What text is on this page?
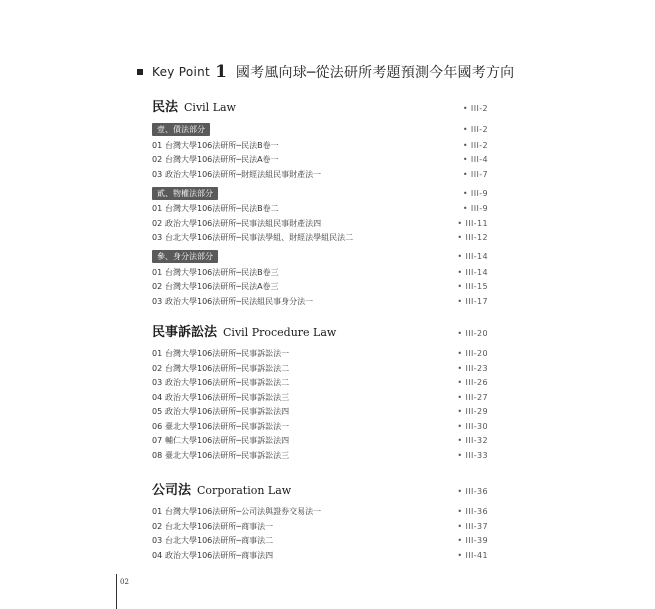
Key Point 1 國考風向球─從法研所考題預測今年國考方向
民法 Civil Law	• III-2
壹、債法部分	• III-2
01 台灣大學106法研所─民法B卷一	• III-2
02 台灣大學106法研所─民法A卷一	• III-4
03 政治大學106法研所─財經法組民事財產法一	• III-7
貳、物權法部分	• III-9
01 台灣大學106法研所─民法B卷二	• III-9
02 政治大學106法研所─民事法組民事財產法四	• III-11
03 台北大學106法研所─民事法學組、財經法學組民法二	• III-12
參、身分法部分	• III-14
01 台灣大學106法研所─民法B卷三	• III-14
02 台灣大學106法研所─民法A卷三	• III-15
03 政治大學106法研所─民法組民事身分法一	• III-17
民事訴訟法 Civil Procedure Law	• III-20
01 台灣大學106法研所─民事訴訟法一	• III-20
02 台灣大學106法研所─民事訴訟法二	• III-23
03 政治大學106法研所─民事訴訟法二	• III-26
04 政治大學106法研所─民事訴訟法三	• III-27
05 政治大學106法研所─民事訴訟法四	• III-29
06 臺北大學106法研所─民事訴訟法一	• III-30
07 輔仁大學106法研所─民事訴訟法四	• III-32
08 臺北大學106法研所─民事訴訟法三	• III-33
公司法 Corporation Law	• III-36
01 台灣大學106法研所─公司法與證券交易法一	• III-36
02 台北大學106法研所─商事法一	• III-37
03 台北大學106法研所─商事法二	• III-39
04 政治大學106法研所─商事法四	• III-41
02
